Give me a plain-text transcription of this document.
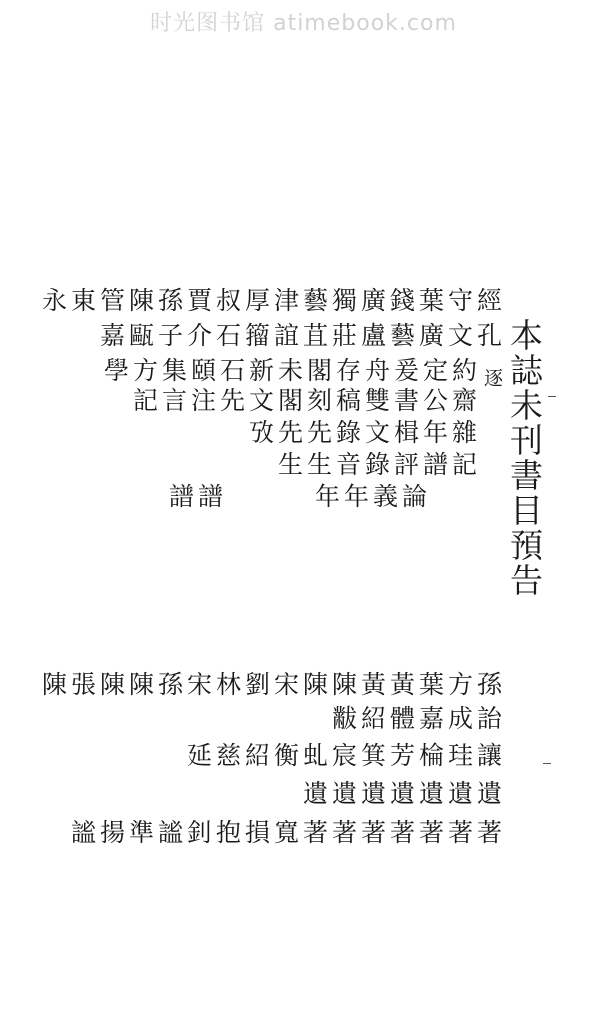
时光图书馆 atimebook.com
本誌未刊書目預告
逐
經守葉錢廣獨藝津厚叔賈孫陳管東永
孔文廣藝盧莊苴誼籀石介子甌嘉
約定爰舟存閣未新石頤集方學
齋公書雙稿刻閣文先注言記
雜年楫文錄先先攷
記譜評錄音生生
論義年年
譜譜
孫方葉黃黃陳陳宋劉林宋孫陳陳張陳
詒成嘉體紹黻
讓珪棆芳箕宸虬衡紹慈延
遺遺遺遺遺遺遺
著著著著著著著寬損抱釗謐準揚謐
